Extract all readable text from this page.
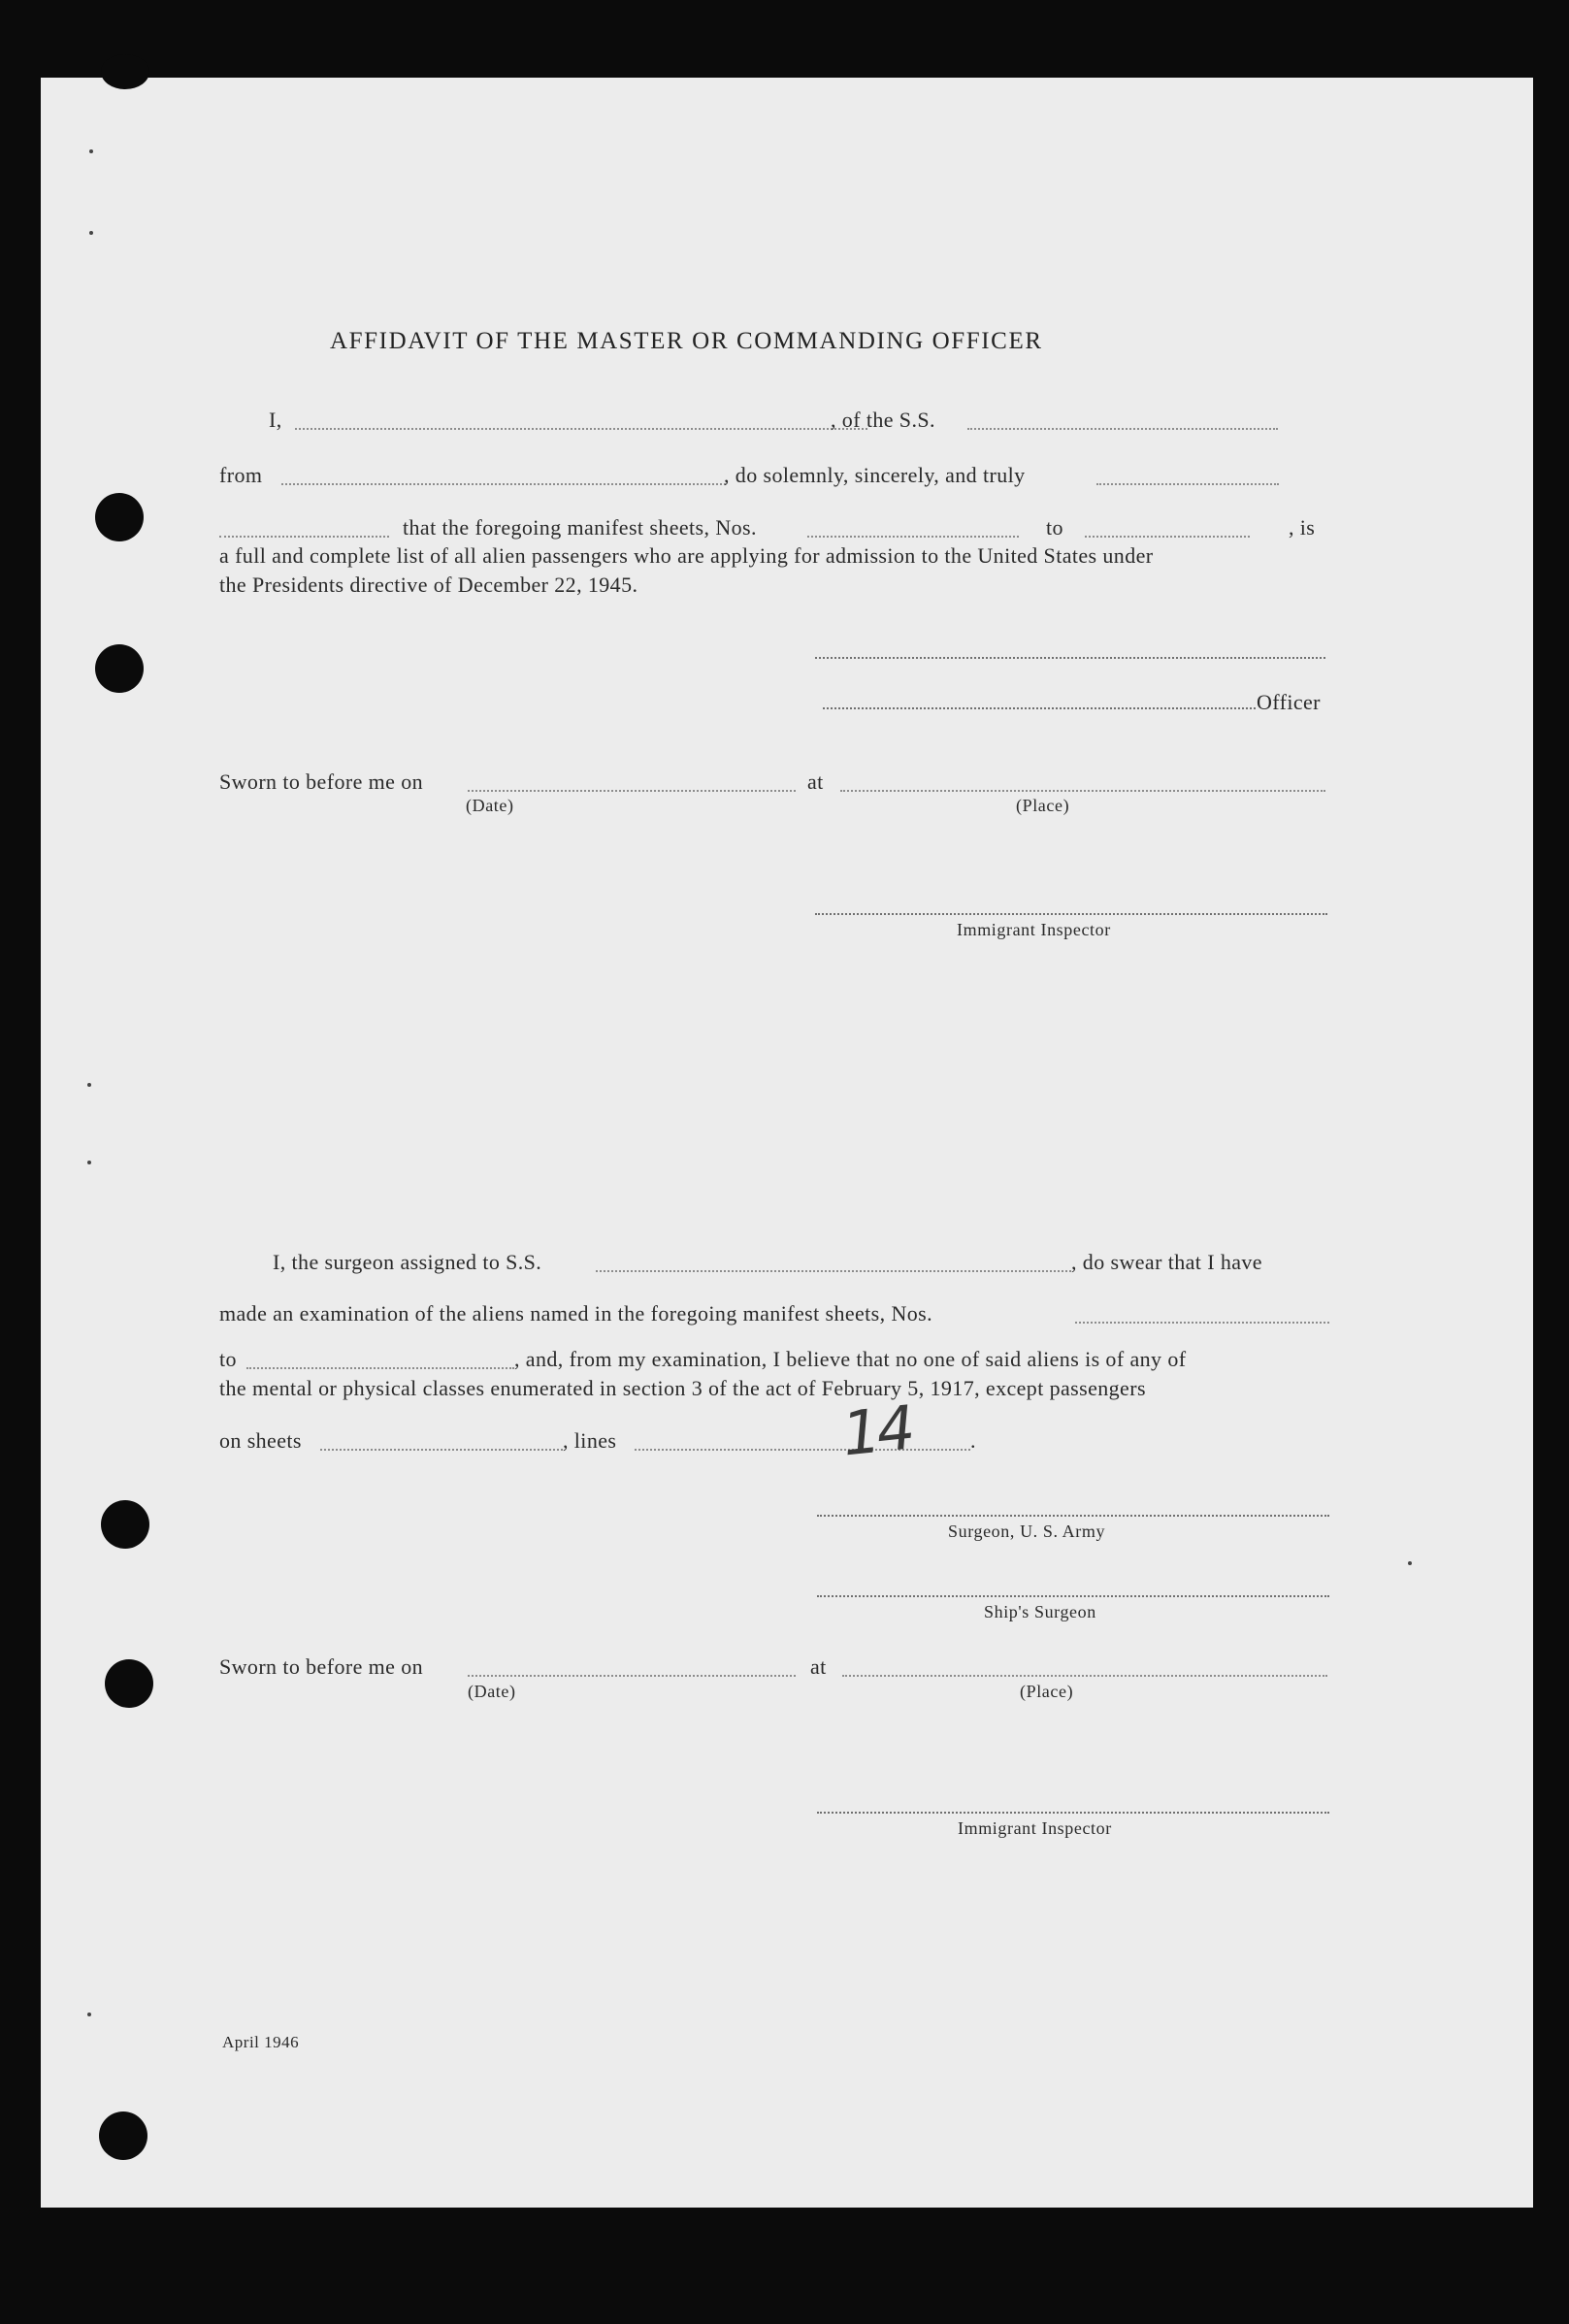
AFFIDAVIT OF THE MASTER OR COMMANDING OFFICER
I,	, of the S.S.
from	, do solemnly, sincerely, and truly
that the foregoing manifest sheets, Nos.	to	, is
a full and complete list of all alien passengers who are applying for admission to the United States under
the Presidents directive of December 22, 1945.
Officer
Sworn to before me on	at
(Date)	(Place)
Immigrant Inspector
I, the surgeon assigned to S.S.	, do swear that I have
made an examination of the aliens named in the foregoing manifest sheets, Nos.
to	, and, from my examination, I believe that no one of said aliens is of any of
the mental or physical classes enumerated in section 3 of the act of February 5, 1917, except passengers
on sheets	, lines	.
14
Surgeon, U. S. Army
Ship's Surgeon
Sworn to before me on	at
(Date)	(Place)
Immigrant Inspector
April 1946
